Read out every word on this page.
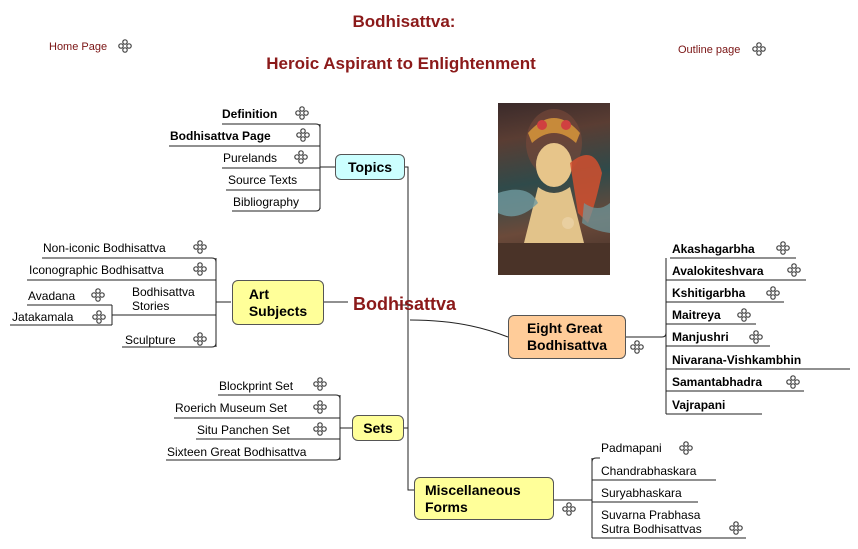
Bodhisattva:
Heroic Aspirant to Enlightenment
Home Page	Outline page
Bodhisattva
Topics
Definition
Bodhisattva Page
Purelands
Source Texts
Bibliography
Art
Subjects
Non-iconic Bodhisattva
Iconographic Bodhisattva
Bodhisattva
Stories
Avadana
Jatakamala
Sculpture
Sets
Blockprint Set
Roerich Museum Set
Situ Panchen Set
Sixteen Great Bodhisattva
Miscellaneous
Forms
Padmapani
Chandrabhaskara
Suryabhaskara
Suvarna Prabhasa
Sutra Bodhisattvas
Eight Great
Bodhisattva
Akashagarbha
Avalokiteshvara
Kshitigarbha
Maitreya
Manjushri
Nivarana-Vishkambhin
Samantabhadra
Vajrapani
